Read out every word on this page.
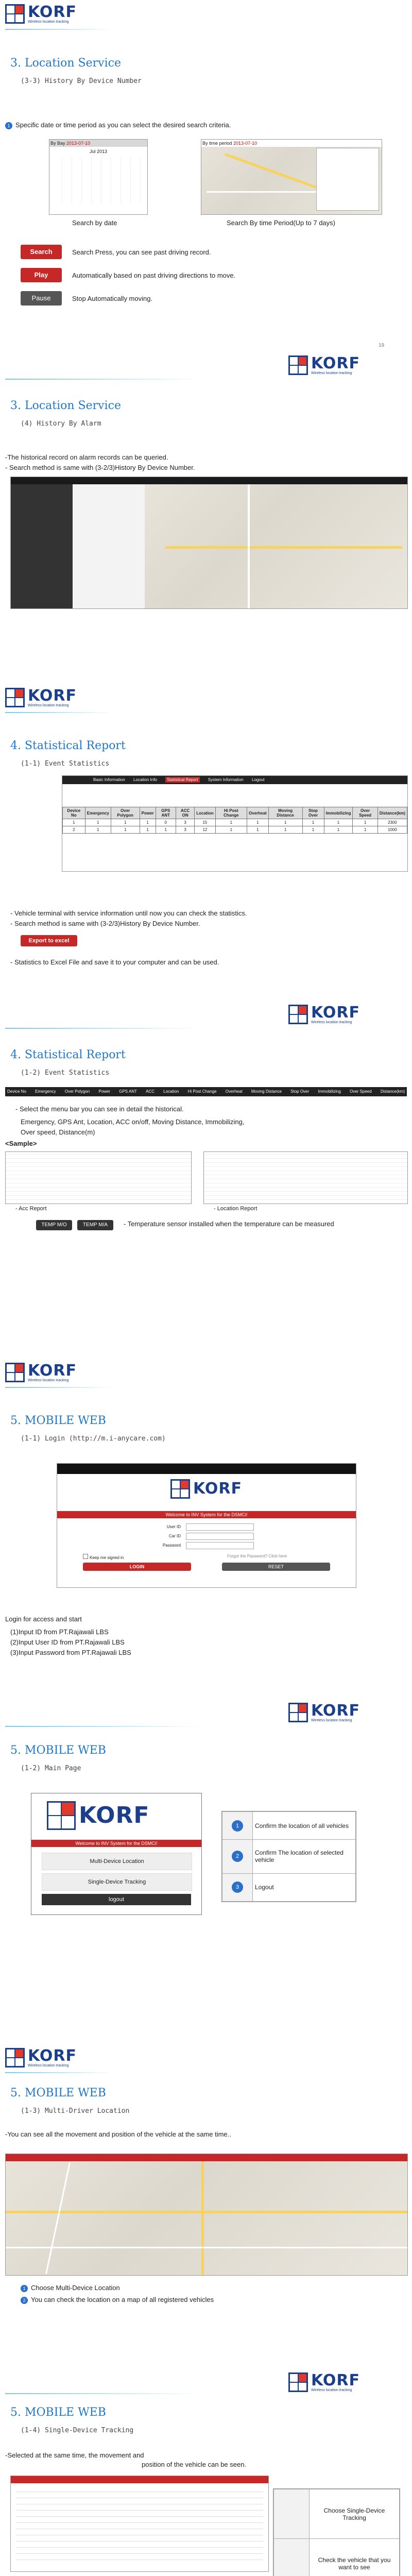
KORF
Wireless location tracking
3. Location Service
(3-3) History By Device Number
1 Specific date or time period as you can select the desired search criteria.
By Bay 2013-07-10
Jul 2013
By time period 2013-07-10
Search by date	Search By time Period(Up to 7 days)
Search	Search Press, you can see past driving record.
Play	Automatically based on past driving directions to move.
Pause	Stop Automatically moving.
19
KORF
Wireless location tracking
3. Location Service
(4) History By Alarm
-The historical record on alarm records can be queried.
- Search method is same with (3-2/3)History By Device Number.
KORF
Wireless location tracking
4. Statistical Report
(1-1) Event Statistics
Basic Information Location Info Statistical Report System Information Logout
Device No	Emergency	Over Polygon	Power	GPS ANT	ACC ON	Location	Hi Post Change	Overheat	Moving Distance	Stop Over	Immobilizing	Over Speed	Distance(km)
1	1	1	1	0	3	15	1	1	1	1	1	1	2300
2	1	1	1	1	3	12	1	1	1	1	1	1	1000
- Vehicle terminal with service information until now you can check the statistics.
- Search method is same with (3-2/3)History By Device Number.
Export to excel
- Statistics to Excel File and save it to your computer and can be used.
KORF
Wireless location tracking
4. Statistical Report
(1-2) Event Statistics
Device No Emergency Over Polygon Power GPS ANT ACC Location Hi Post Change Overheat Moving Distance Stop Over Immobilizing Over Speed Distance(km)
- Select the menu bar you can see in detail the historical.
Emergency, GPS Ant, Location, ACC on/off, Moving Distance, Immobilizing,
Over speed, Distance(m)
<Sample>
- Acc Report	- Location Report
TEMP M/O	TEMP M/A	- Temperature sensor installed when the temperature can be measured
KORF
Wireless location tracking
5. MOBILE WEB
(1-1) Login (http://m.i-anycare.com)
KORF
Welcome to INV System for the DSMCi!
User ID
Car ID
Password
Keep me signed in	Forgot the Password? Click here
LOGIN	RESET
Login for access and start
(1)Input ID from PT.Rajawali LBS
(2)Input User ID from PT.Rajawali LBS
(3)Input Password from PT.Rajawali LBS
KORF
Wireless location tracking
5. MOBILE WEB
(1-2) Main Page
KORF
Welcome to INV System for the DSMCi!
Multi-Device Location
Single-Device Tracking
logout
1	Confirm the location of all vehicles
2	Confirm The location of selected vehicle
3	Logout
KORF
Wireless location tracking
5. MOBILE WEB
(1-3) Multi-Driver Location
-You can see all the movement and position of the vehicle at the same time..
1 Choose Multi-Device Location
2 You can check the location on a map of all registered vehicles
KORF
Wireless location tracking
5. MOBILE WEB
(1-4) Single-Device Tracking
-Selected at the same time, the movement and
position of the vehicle can be seen.
	Choose Single-Device Tracking
	Check the vehicle that you want to see
